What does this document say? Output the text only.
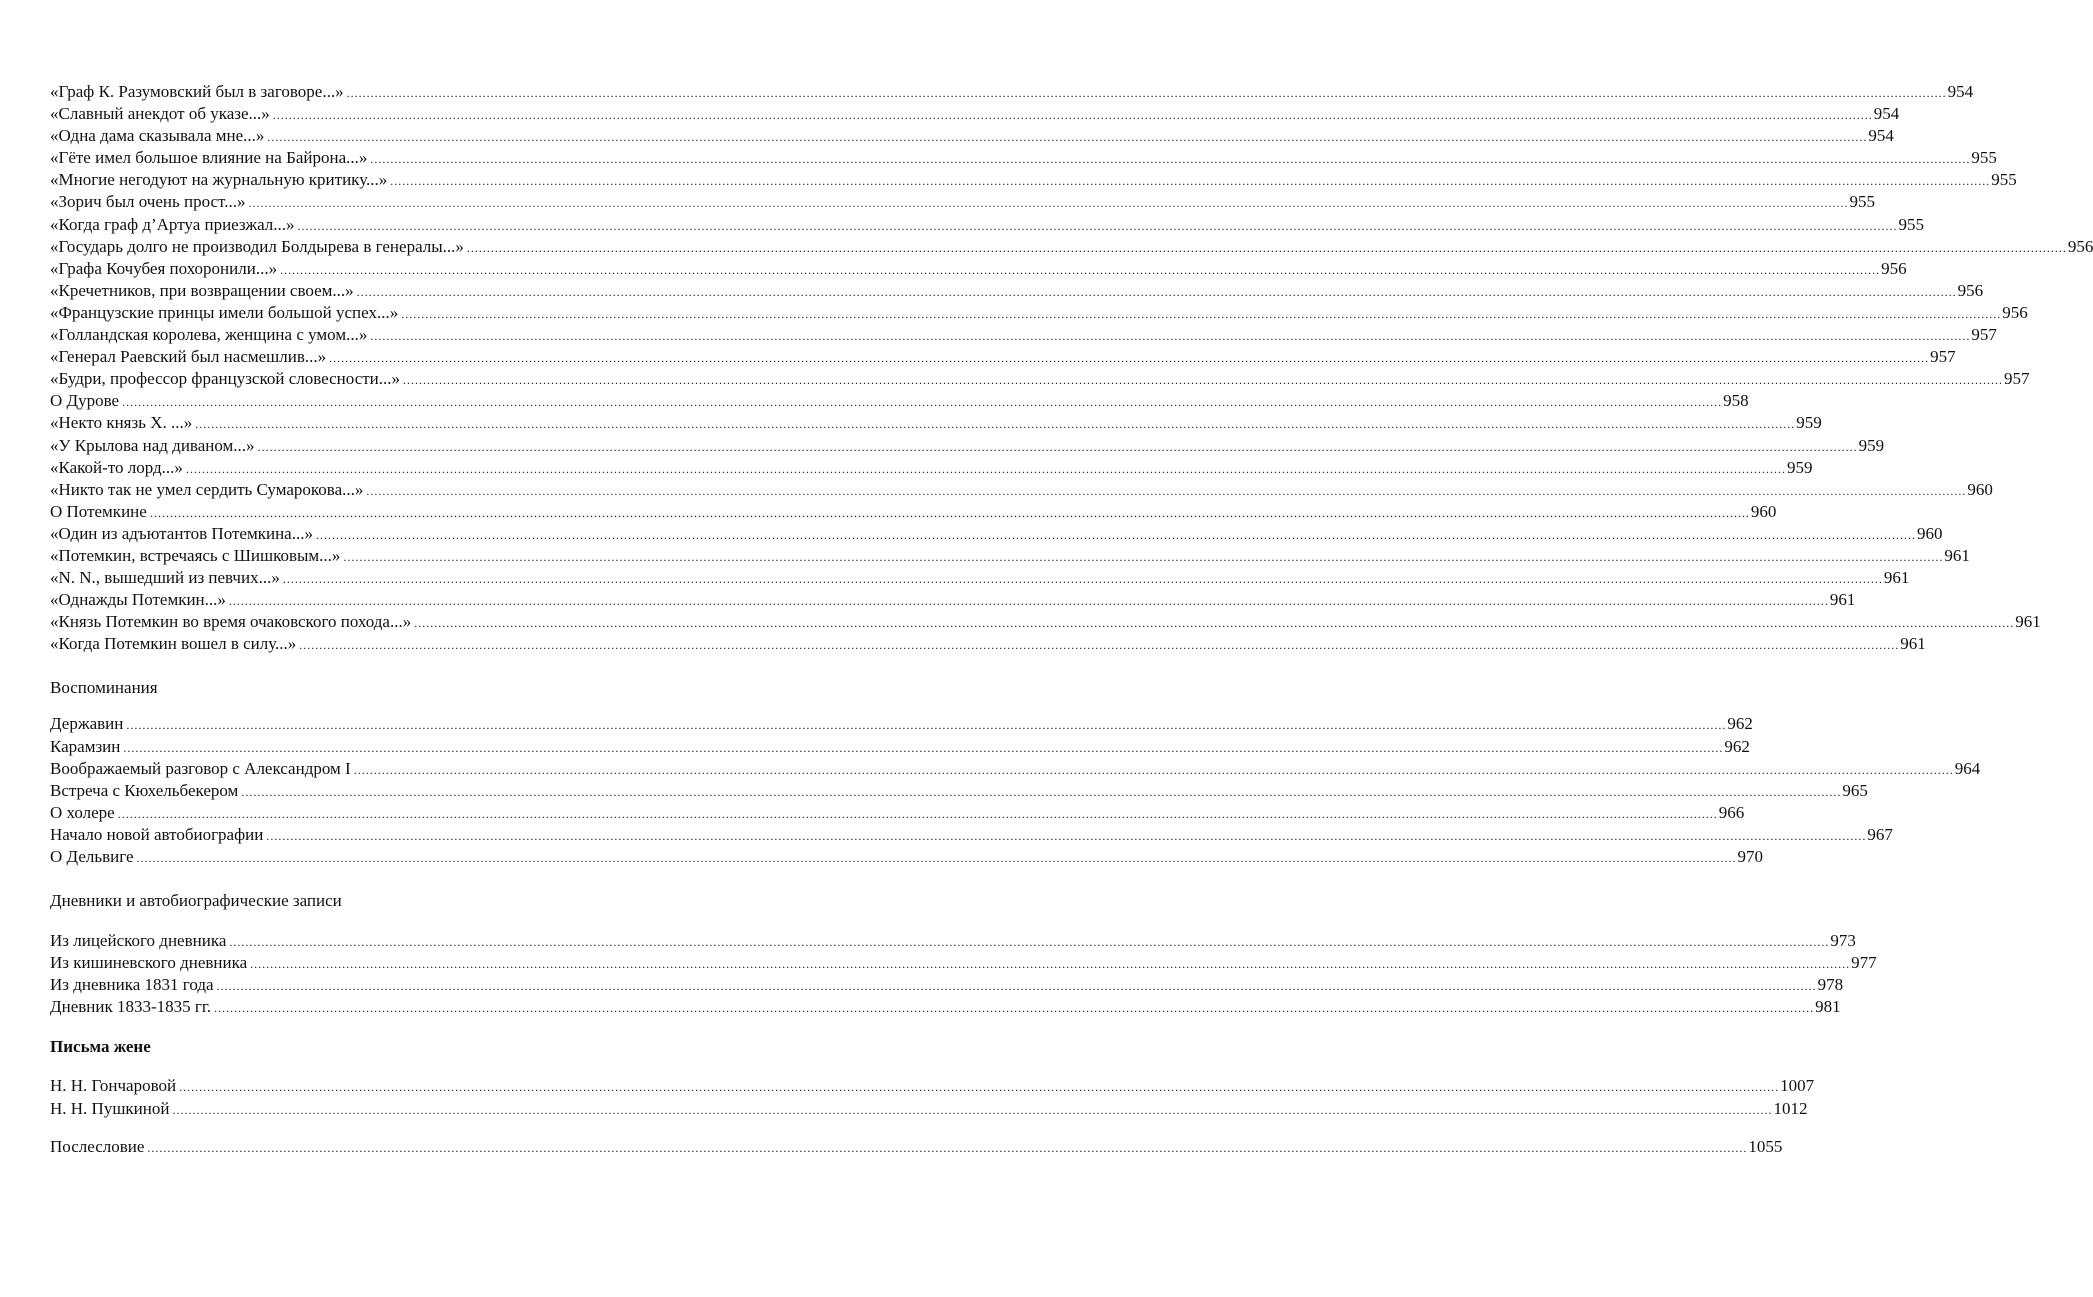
«Граф К. Разумовский был в заговоре...» ................................................................................................................................................................................................................................................................................................................................................................................................................ 954
«Славный анекдот об указе...» ................................................................................................................................................................................................................................................................................................................................................................................................................ 954
«Одна дама сказывала мне...» ................................................................................................................................................................................................................................................................................................................................................................................................................ 954
«Гёте имел большое влияние на Байрона...» ................................................................................................................................................................................................................................................................................................................................................................................................................ 955
«Многие негодуют на журнальную критику...» ................................................................................................................................................................................................................................................................................................................................................................................................................ 955
«Зорич был очень прост...» ................................................................................................................................................................................................................................................................................................................................................................................................................ 955
«Когда граф д’Артуа приезжал...» ................................................................................................................................................................................................................................................................................................................................................................................................................ 955
«Государь долго не производил Болдырева в генералы...» ................................................................................................................................................................................................................................................................................................................................................................................................................ 956
«Графа Кочубея похоронили...» ................................................................................................................................................................................................................................................................................................................................................................................................................ 956
«Кречетников, при возвращении своем...» ................................................................................................................................................................................................................................................................................................................................................................................................................ 956
«Французские принцы имели большой успех...» ................................................................................................................................................................................................................................................................................................................................................................................................................ 956
«Голландская королева, женщина с умом...» ................................................................................................................................................................................................................................................................................................................................................................................................................ 957
«Генерал Раевский был насмешлив...» ................................................................................................................................................................................................................................................................................................................................................................................................................ 957
«Будри, профессор французской словесности...» ................................................................................................................................................................................................................................................................................................................................................................................................................ 957
О Дурове ................................................................................................................................................................................................................................................................................................................................................................................................................ 958
«Некто князь Х. ...» ................................................................................................................................................................................................................................................................................................................................................................................................................ 959
«У Крылова над диваном...» ................................................................................................................................................................................................................................................................................................................................................................................................................ 959
«Какой-то лорд...» ................................................................................................................................................................................................................................................................................................................................................................................................................ 959
«Никто так не умел сердить Сумарокова...» ................................................................................................................................................................................................................................................................................................................................................................................................................ 960
О Потемкине ................................................................................................................................................................................................................................................................................................................................................................................................................ 960
«Один из адъютантов Потемкина...» ................................................................................................................................................................................................................................................................................................................................................................................................................ 960
«Потемкин, встречаясь с Шишковым...» ................................................................................................................................................................................................................................................................................................................................................................................................................ 961
«N. N., вышедший из певчих...» ................................................................................................................................................................................................................................................................................................................................................................................................................ 961
«Однажды Потемкин...» ................................................................................................................................................................................................................................................................................................................................................................................................................ 961
«Князь Потемкин во время очаковского похода...» ................................................................................................................................................................................................................................................................................................................................................................................................................ 961
«Когда Потемкин вошел в силу...» ................................................................................................................................................................................................................................................................................................................................................................................................................ 961
Воспоминания
Державин ................................................................................................................................................................................................................................................................................................................................................................................................................ 962
Карамзин ................................................................................................................................................................................................................................................................................................................................................................................................................ 962
Воображаемый разговор с Александром I ................................................................................................................................................................................................................................................................................................................................................................................................................ 964
Встреча с Кюхельбекером ................................................................................................................................................................................................................................................................................................................................................................................................................ 965
О холере ................................................................................................................................................................................................................................................................................................................................................................................................................ 966
Начало новой автобиографии ................................................................................................................................................................................................................................................................................................................................................................................................................ 967
О Дельвиге ................................................................................................................................................................................................................................................................................................................................................................................................................ 970
Дневники и автобиографические записи
Из лицейского дневника ................................................................................................................................................................................................................................................................................................................................................................................................................ 973
Из кишиневского дневника ................................................................................................................................................................................................................................................................................................................................................................................................................ 977
Из дневника 1831 года ................................................................................................................................................................................................................................................................................................................................................................................................................ 978
Дневник 1833-1835 гг. ................................................................................................................................................................................................................................................................................................................................................................................................................ 981
Письма жене
Н. Н. Гончаровой ................................................................................................................................................................................................................................................................................................................................................................................................................ 1007
Н. Н. Пушкиной ................................................................................................................................................................................................................................................................................................................................................................................................................ 1012
Послесловие ................................................................................................................................................................................................................................................................................................................................................................................................................ 1055
